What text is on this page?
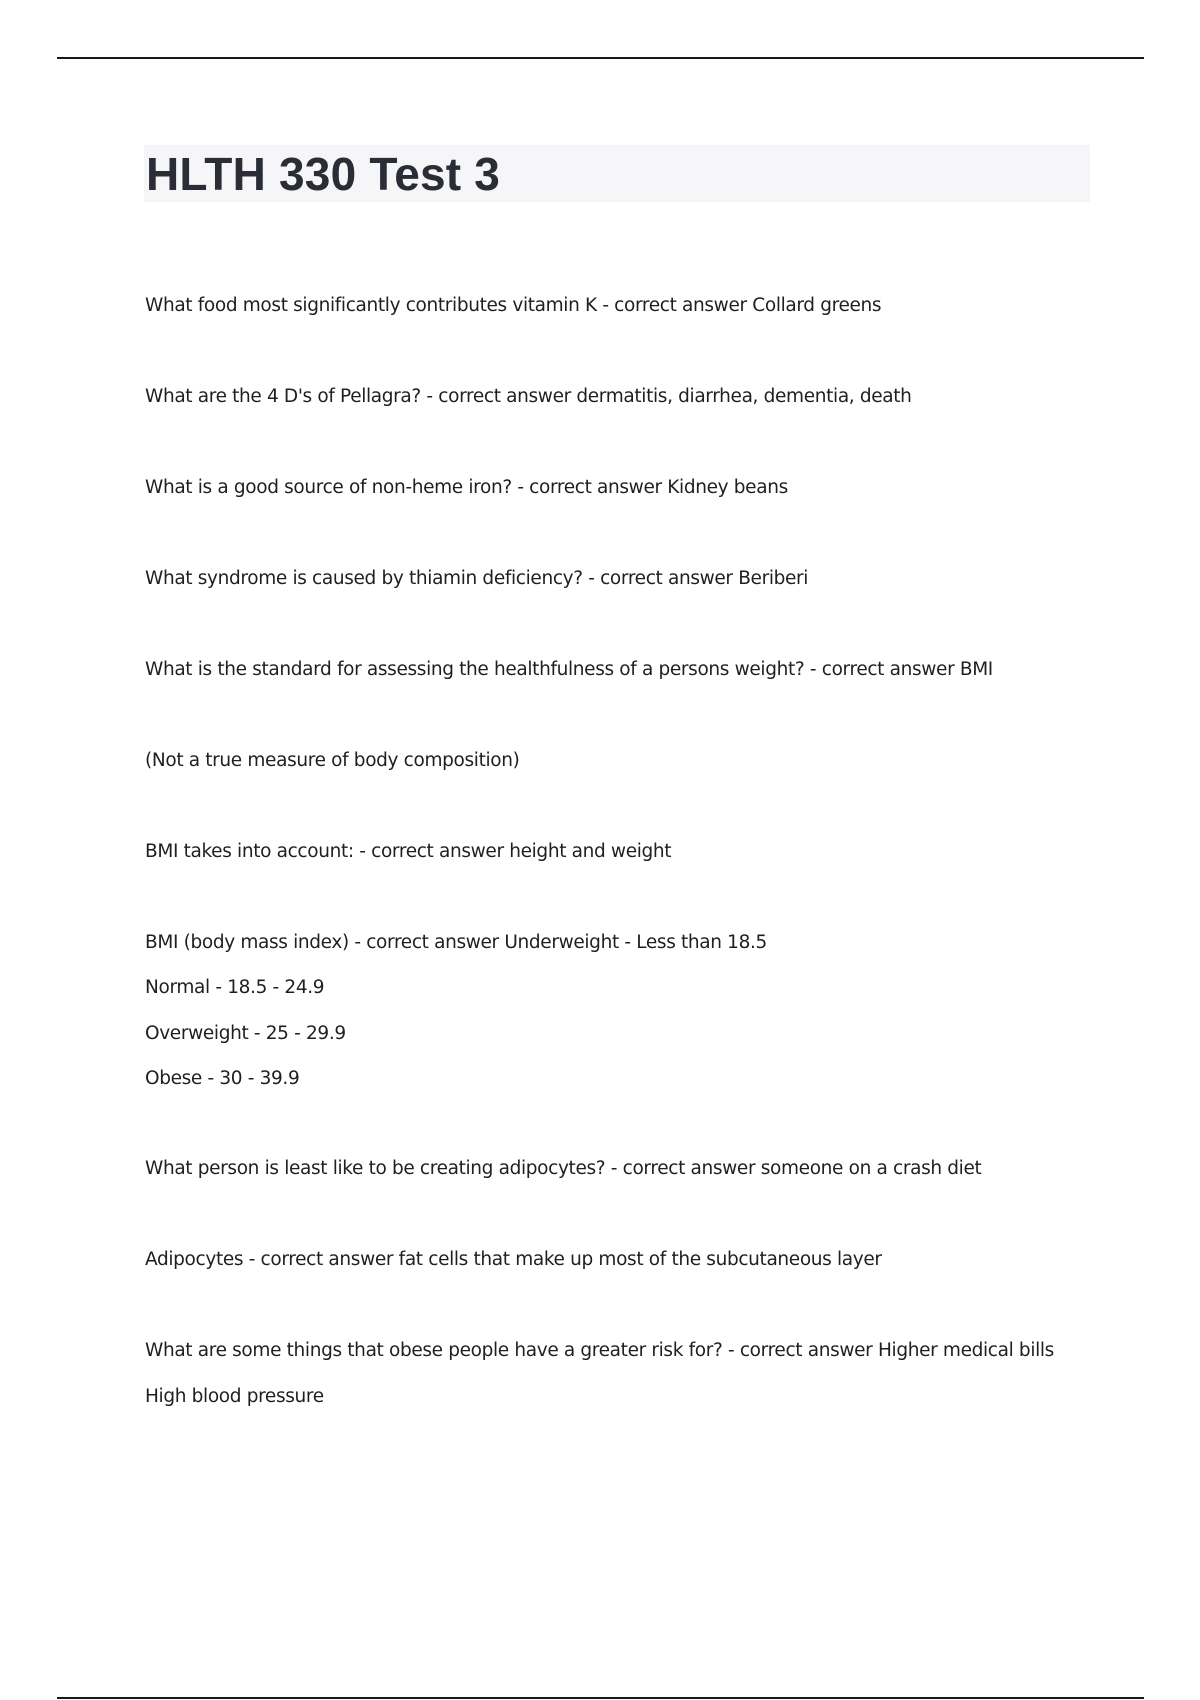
HLTH 330 Test 3
What food most significantly contributes vitamin K - correct answer Collard greens
What are the 4 D's of Pellagra? - correct answer dermatitis, diarrhea, dementia, death
What is a good source of non-heme iron? - correct answer Kidney beans
What syndrome is caused by thiamin deficiency? - correct answer Beriberi
What is the standard for assessing the healthfulness of a persons weight? - correct answer BMI
(Not a true measure of body composition)
BMI takes into account: - correct answer height and weight
BMI (body mass index) - correct answer Underweight - Less than 18.5
Normal - 18.5 - 24.9
Overweight - 25 - 29.9
Obese - 30 - 39.9
What person is least like to be creating adipocytes? - correct answer someone on a crash diet
Adipocytes - correct answer fat cells that make up most of the subcutaneous layer
What are some things that obese people have a greater risk for? - correct answer Higher medical bills
High blood pressure
